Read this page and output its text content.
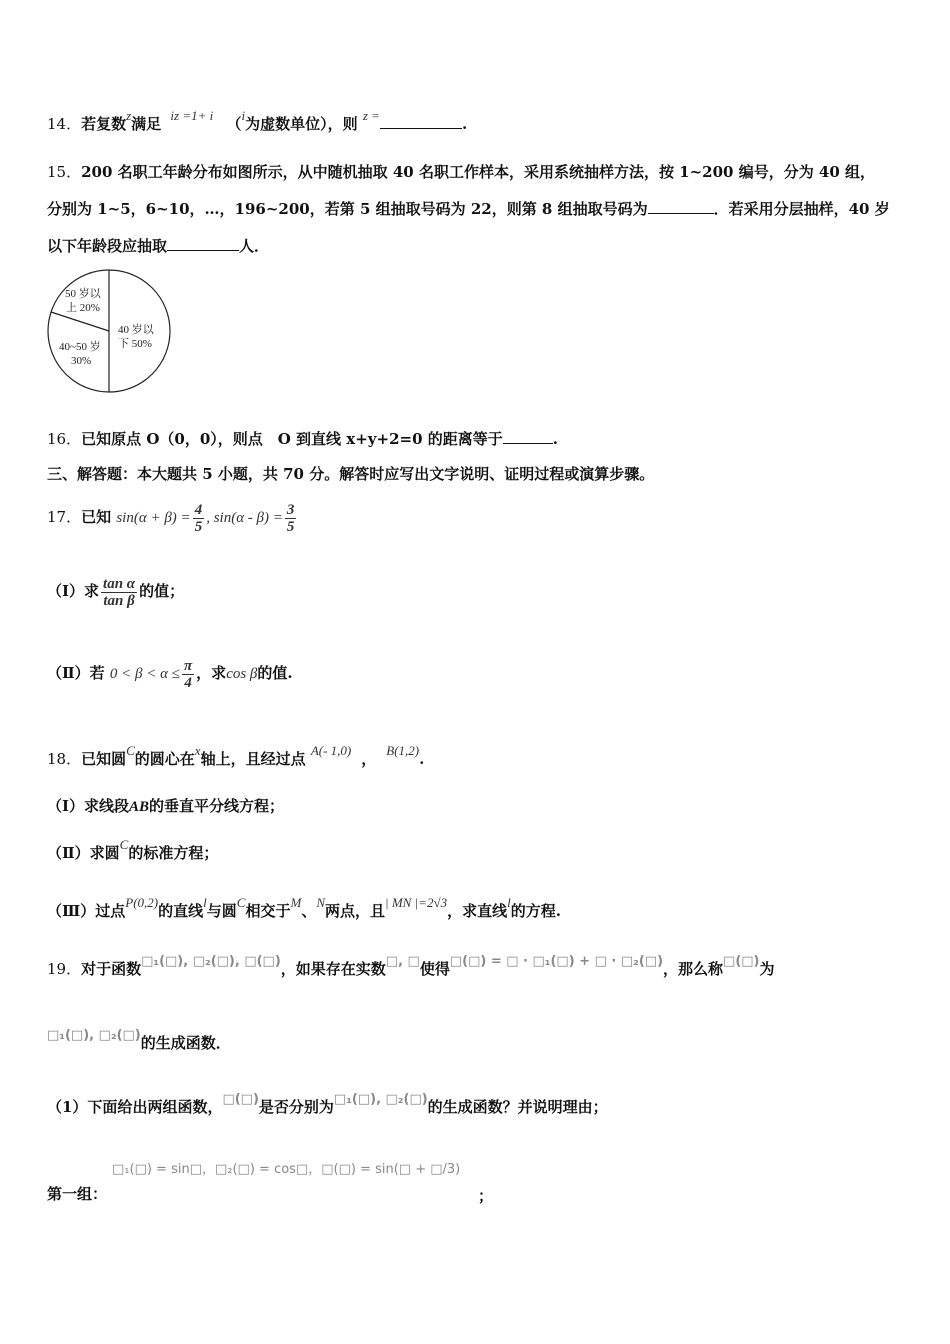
14．若复数z满足 iz =1+ i （i为虚数单位），则 z =	.
15．200 名职工年龄分布如图所示，从中随机抽取 40 名职工作样本，采用系统抽样方法，按 1~200 编号，分为 40 组，
分别为 1~5，6~10，…，196~200，若第 5 组抽取号码为 22，则第 8 组抽取号码为	．若采用分层抽样，40 岁
以下年龄段应抽取	人．
50 岁以
上 20%
40 岁以
下 50%
40~50 岁
30%
16．已知原点 O（0，0），则点　O 到直线 x+y+2=0 的距离等于	.
三、解答题：本大题共 5 小题，共 70 分。解答时应写出文字说明、证明过程或演算步骤。
17．已知 $\sin(\alpha + \beta) = \frac{4}{5}$ , $\sin(\alpha - \beta) = \frac{3}{5}$
（Ⅰ）求 $\frac{\text{tan α}}{\text{tan β}}$ 的值；
（Ⅱ）若 $0 < \beta < \alpha \le \frac{\pi}{4}$ ，求cos β的值.
18．已知圆C的圆心在x轴上，且经过点 A(- 1,0) ， B(1,2).
（Ⅰ）求线段AB的垂直平分线方程；
（Ⅱ）求圆C的标准方程；
（Ⅲ）过点P(0,2)的直线l与圆C相交于M、N两点，且| MN |=2√3，求直线l的方程.
19．对于函数□₁(□), □₂(□), □(□)，如果存在实数□, □使得□(□) = □ · □₁(□) + □ · □₂(□)，那么称□(□)为
□₁(□), □₂(□)的生成函数．
（1）下面给出两组函数，□(□)是否分别为□₁(□), □₂(□)的生成函数？并说明理由；
□₁(□) = sin□，□₂(□) = cos□，□(□) = sin(□ + □/3)
第一组：	；
